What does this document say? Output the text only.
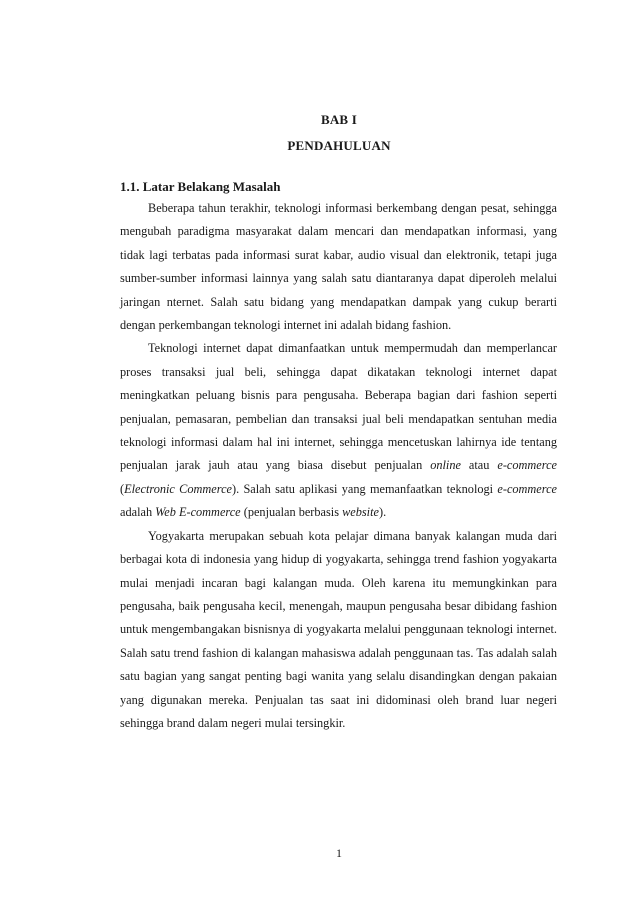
BAB I
PENDAHULUAN
1.1. Latar Belakang Masalah

Beberapa tahun terakhir, teknologi informasi berkembang dengan pesat, sehingga mengubah paradigma masyarakat dalam mencari dan mendapatkan informasi, yang tidak lagi terbatas pada informasi surat kabar, audio visual dan elektronik, tetapi juga sumber-sumber informasi lainnya yang salah satu diantaranya dapat diperoleh melalui jaringan nternet. Salah satu bidang yang mendapatkan dampak yang cukup berarti dengan perkembangan teknologi internet ini adalah bidang fashion.

Teknologi internet dapat dimanfaatkan untuk mempermudah dan memperlancar proses transaksi jual beli, sehingga dapat dikatakan teknologi internet dapat meningkatkan peluang bisnis para pengusaha. Beberapa bagian dari fashion seperti penjualan, pemasaran, pembelian dan transaksi jual beli mendapatkan sentuhan media teknologi informasi dalam hal ini internet, sehingga mencetuskan lahirnya ide tentang penjualan jarak jauh atau yang biasa disebut penjualan online atau e-commerce (Electronic Commerce). Salah satu aplikasi yang memanfaatkan teknologi e-commerce adalah Web E-commerce (penjualan berbasis website).

Yogyakarta merupakan sebuah kota pelajar dimana banyak kalangan muda dari berbagai kota di indonesia yang hidup di yogyakarta, sehingga trend fashion yogyakarta mulai menjadi incaran bagi kalangan muda. Oleh karena itu memungkinkan para pengusaha, baik pengusaha kecil, menengah, maupun pengusaha besar dibidang fashion untuk mengembangakan bisnisnya di yogyakarta melalui penggunaan teknologi internet. Salah satu trend fashion di kalangan mahasiswa adalah penggunaan tas. Tas adalah salah satu bagian yang sangat penting bagi wanita yang selalu disandingkan dengan pakaian yang digunakan mereka. Penjualan tas saat ini didominasi oleh brand luar negeri sehingga brand dalam negeri mulai tersingkir.

1
